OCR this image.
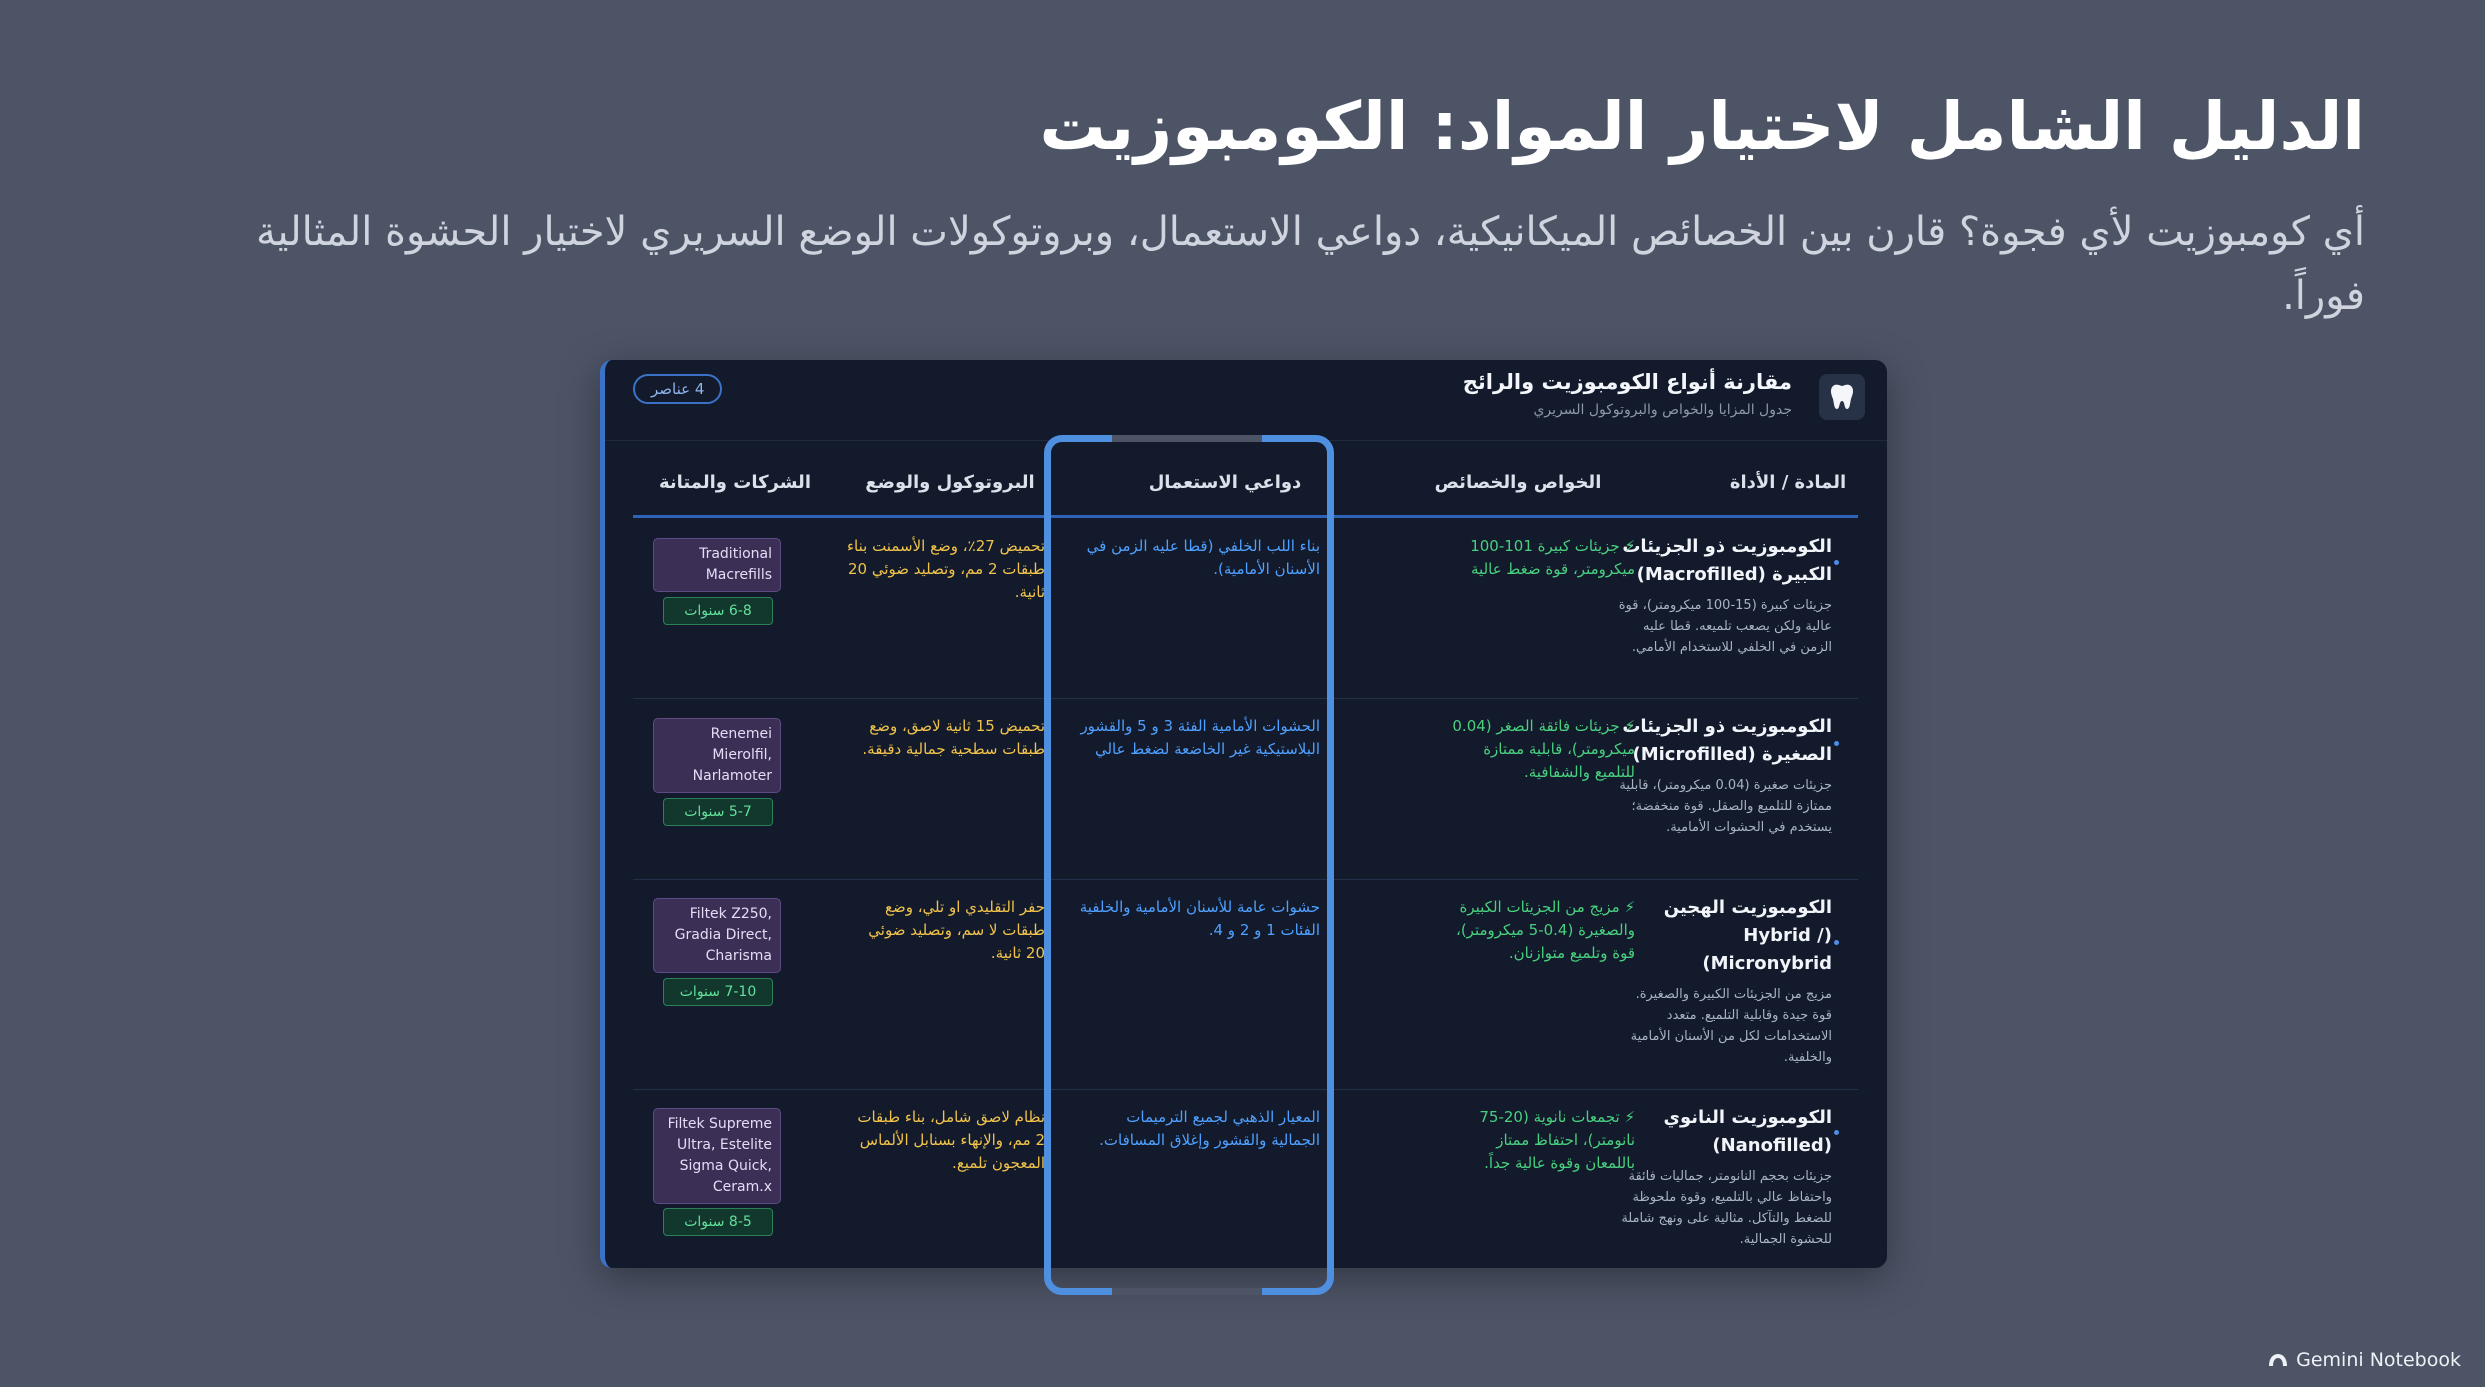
الدليل الشامل لاختيار المواد: الكومبوزيت
أي كومبوزيت لأي فجوة؟ قارن بين الخصائص الميكانيكية، دواعي الاستعمال، وبروتوكولات الوضع السريري لاختيار الحشوة المثالية فوراً.
مقارنة أنواع الكومبوزيت والرائج
جدول المزايا والخواص والبروتوكول السريري
4 عناصر
المادة / الأداة
الخواص والخصائص
دواعي الاستعمال
البروتوكول والوضع
الشركات والمتانة
الكومبوزيت ذو الجزيئات الكبيرة (Macrofilled)
جزيئات كبيرة (15-100 ميكرومتر)، قوة عالية ولكن يصعب تلميعه. قطا عليه الزمن في الخلفي للاستخدام الأمامي.
⚡ جزيئات كبيرة 101-100 ميكرومتر، قوة ضغط عالية
بناء اللب الخلفي (قطا عليه الزمن في الأسنان الأمامية).
تحميض 27٪، وضع الأسمنت بناء طبقات 2 مم، وتصليد ضوئي 20 ثانية.
Traditional Macrefills
6-8 سنوات
الكومبوزيت ذو الجزيئات الصغيرة (Microfilled)
جزيئات صغيرة (0.04 ميكرومتر)، قابلية ممتازة للتلميع والصقل. قوة منخفضة؛ يستخدم في الحشوات الأمامية.
⚡ جزيئات فائقة الصغر (0.04 ميكرومتر)، قابلية ممتازة للتلميع والشفافية.
الحشوات الأمامية الفئة 3 و 5 والقشور البلاستيكية غير الخاضعة لضغط عالي
تحميض 15 ثانية لاصق، وضع طبقات سطحية جمالية دقيقة.
Renemei Mierolfil, Narlamoter
5-7 سنوات
الكومبوزيت الهجين (Hybrid / Micronybrid)
مزيج من الجزيئات الكبيرة والصغيرة. قوة جيدة وقابلية التلميع. متعدد الاستخدامات لكل من الأسنان الأمامية والخلفية.
⚡ مزيج من الجزيئات الكبيرة والصغيرة (0.4-5 ميكرومتر)، قوة وتلميع متوازنان.
حشوات عامة للأسنان الأمامية والخلفية الفئات 1 و 2 و 4.
حفر التقليدي او تلي، وضع طبقات لا سم، وتصليد ضوئي 20 ثانية.
Filtek Z250, Gradia Direct, Charisma
7-10 سنوات
الكومبوزيت النانوي (Nanofilled)
جزيئات بحجم النانومتر، جماليات فائقة واحتفاظ عالي بالتلميع، وقوة ملحوظة للضغط والتآكل. مثالية على ونهج شاملة للحشوة الجمالية.
⚡ تجمعات نانوية (20-75 نانومتر)، احتفاظ ممتاز باللمعان وقوة عالية جداً.
المعيار الذهبي لجميع الترميمات الجمالية والقشور وإغلاق المسافات.
نظام لاصق شامل، بناء طبقات 2 مم، والإنهاء بسنابل الألماس المعجون تلميع.
Filtek Supreme Ultra, Estelite Sigma Quick, Ceram.x
8-5 سنوات
Gemini Notebook
